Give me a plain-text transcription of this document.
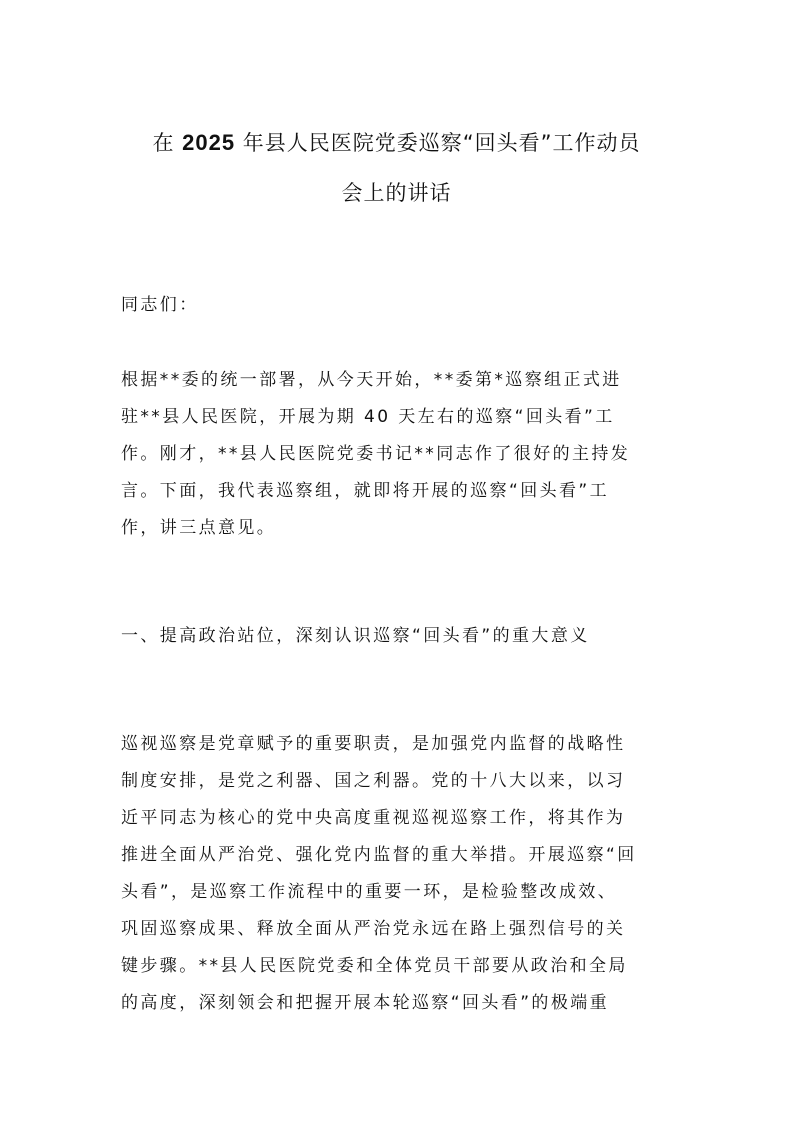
在 2025 年县人民医院党委巡察“回头看”工作动员
会上的讲话
同志们：
根据**委的统一部署，从今天开始，**委第*巡察组正式进
驻**县人民医院，开展为期 40 天左右的巡察“回头看”工
作。刚才，**县人民医院党委书记**同志作了很好的主持发
言。下面，我代表巡察组，就即将开展的巡察“回头看”工
作，讲三点意见。
一、提高政治站位，深刻认识巡察“回头看”的重大意义
巡视巡察是党章赋予的重要职责，是加强党内监督的战略性
制度安排，是党之利器、国之利器。党的十八大以来，以习
近平同志为核心的党中央高度重视巡视巡察工作，将其作为
推进全面从严治党、强化党内监督的重大举措。开展巡察“回
头看”，是巡察工作流程中的重要一环，是检验整改成效、
巩固巡察成果、释放全面从严治党永远在路上强烈信号的关
键步骤。**县人民医院党委和全体党员干部要从政治和全局
的高度，深刻领会和把握开展本轮巡察“回头看”的极端重
